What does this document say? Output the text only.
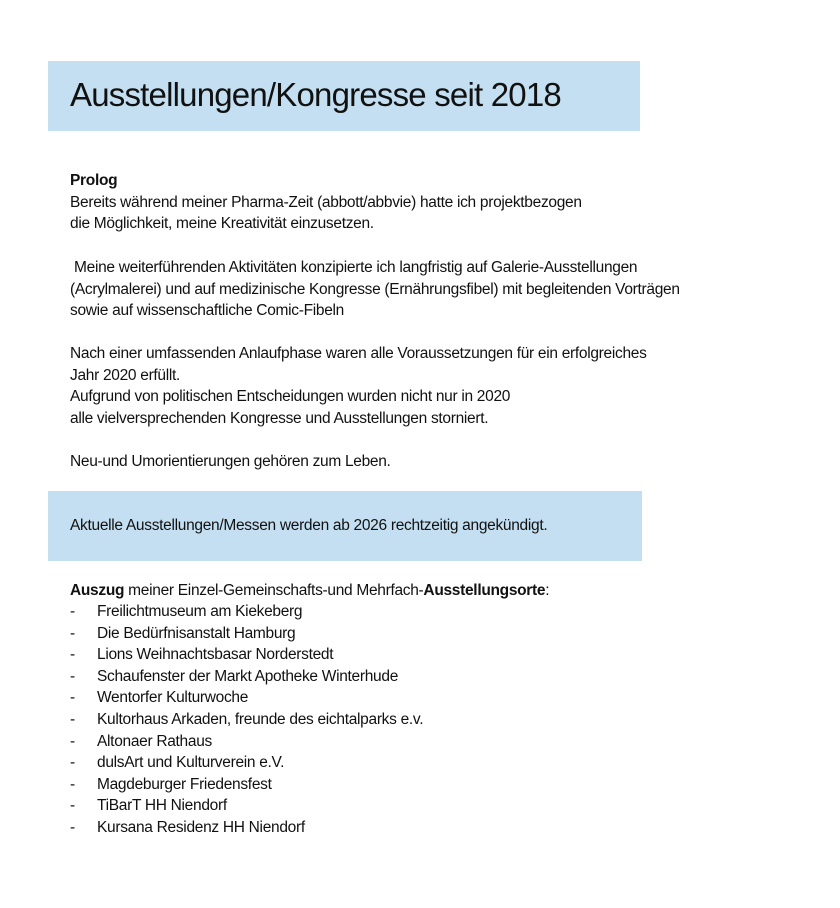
Ausstellungen/Kongresse seit 2018
Prolog
Bereits während meiner Pharma-Zeit (abbott/abbvie) hatte ich projektbezogen
die Möglichkeit, meine Kreativität einzusetzen.
Meine weiterführenden Aktivitäten konzipierte ich langfristig auf Galerie-Ausstellungen
(Acrylmalerei) und auf medizinische Kongresse (Ernährungsfibel) mit begleitenden Vorträgen
sowie auf wissenschaftliche Comic-Fibeln
Nach einer umfassenden Anlaufphase waren alle Voraussetzungen für ein erfolgreiches
Jahr 2020 erfüllt.
Aufgrund von politischen Entscheidungen wurden nicht nur in 2020
alle vielversprechenden Kongresse und Ausstellungen storniert.
Neu-und Umorientierungen gehören zum Leben.
Aktuelle Ausstellungen/Messen werden ab 2026 rechtzeitig angekündigt.
Auszug meiner Einzel-Gemeinschafts-und Mehrfach-Ausstellungsorte:
- Freilichtmuseum am Kiekeberg
- Die Bedürfnisanstalt Hamburg
- Lions Weihnachtsbasar Norderstedt
- Schaufenster der Markt Apotheke Winterhude
- Wentorfer Kulturwoche
- Kultorhaus Arkaden, freunde des eichtalparks e.v.
- Altonaer Rathaus
- dulsArt und Kulturverein e.V.
- Magdeburger Friedensfest
- TiBarT HH Niendorf
- Kursana Residenz HH Niendorf
